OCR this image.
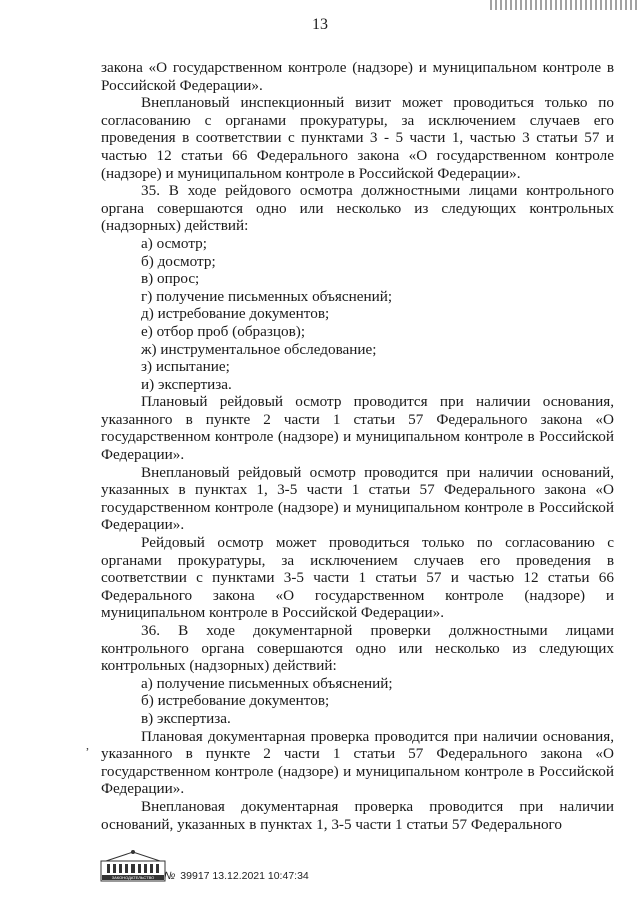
13

закона «О государственном контроле (надзоре) и муниципальном контроле в Российской Федерации».

Внеплановый инспекционный визит может проводиться только по согласованию с органами прокуратуры, за исключением случаев его проведения в соответствии с пунктами 3 - 5 части 1, частью 3 статьи 57 и частью 12 статьи 66 Федерального закона «О государственном контроле (надзоре) и муниципальном контроле в Российской Федерации».

35. В ходе рейдового осмотра должностными лицами контрольного органа совершаются одно или несколько из следующих контрольных (надзорных) действий:

а) осмотр;

б) досмотр;

в) опрос;

г) получение письменных объяснений;

д) истребование документов;

е) отбор проб (образцов);

ж) инструментальное обследование;

з) испытание;

и) экспертиза.

Плановый рейдовый осмотр проводится при наличии основания, указанного в пункте 2 части 1 статьи 57 Федерального закона «О государственном контроле (надзоре) и муниципальном контроле в Российской Федерации».

Внеплановый рейдовый осмотр проводится при наличии оснований, указанных в пунктах 1, 3-5 части 1 статьи 57 Федерального закона «О государственном контроле (надзоре) и муниципальном контроле в Российской Федерации».

Рейдовый осмотр может проводиться только по согласованию с органами прокуратуры, за исключением случаев его проведения в соответствии с пунктами 3-5 части 1 статьи 57 и частью 12 статьи 66 Федерального закона «О государственном контроле (надзоре) и муниципальном контроле в Российской Федерации».

36. В ходе документарной проверки должностными лицами контрольного органа совершаются одно или несколько из следующих контрольных (надзорных) действий:

а) получение письменных объяснений;

б) истребование документов;

в) экспертиза.

Плановая документарная проверка проводится при наличии основания, указанного в пункте 2 части 1 статьи 57 Федерального закона «О государственном контроле (надзоре) и муниципальном контроле в Российской Федерации».

Внеплановая документарная проверка проводится при наличии оснований, указанных в пунктах 1, 3-5 части 1 статьи 57 Федерального

,
ЗАКОНОДАТЕЛЬСТВО № 39917 13.12.2021 10:47:34
